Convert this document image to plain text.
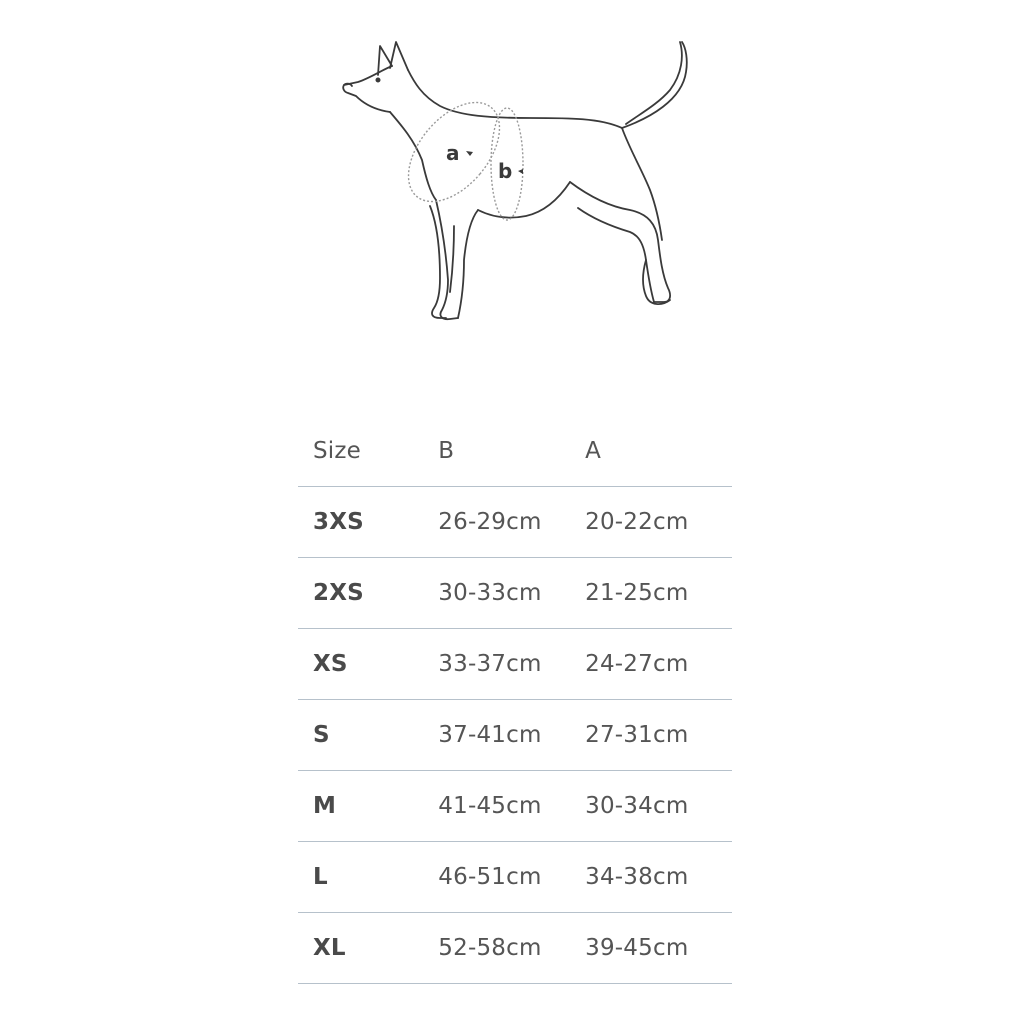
a
b
Size	B	A
3XS	26-29cm	20-22cm
2XS	30-33cm	21-25cm
XS	33-37cm	24-27cm
S	37-41cm	27-31cm
M	41-45cm	30-34cm
L	46-51cm	34-38cm
XL	52-58cm	39-45cm
